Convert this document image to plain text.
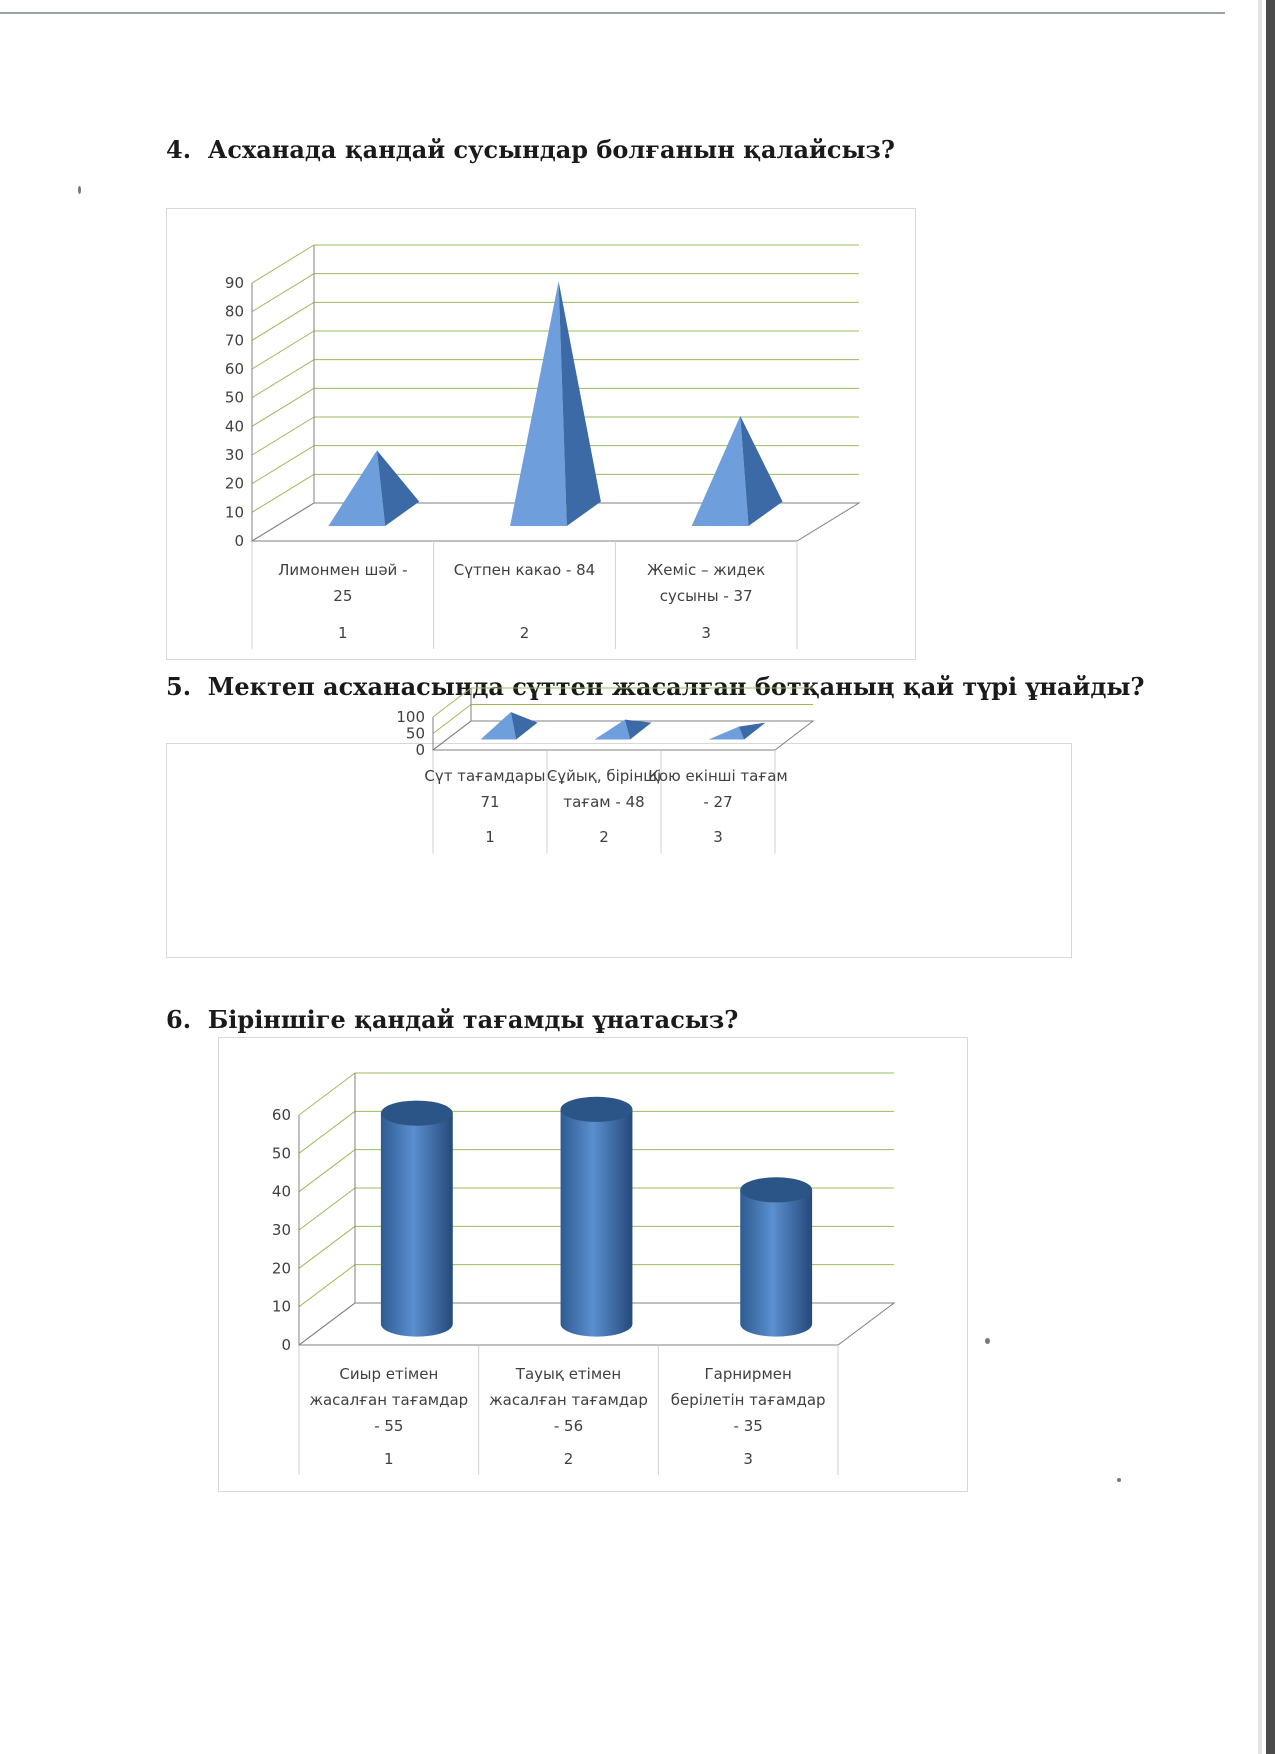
4. Асханада қандай сусындар болғанын қалайсыз?
0
10
20
30
40
50
60
70
80
90
Лимонмен шәй -
25
1
Сүтпен какао - 84
2
Жеміс – жидек
сусыны - 37
3
5. Мектеп асханасында сүттен жасалған ботқаның қай түрі ұнайды?
0
50
100
Сүт тағамдары -
71
1
Сұйық, бірінші
тағам - 48
2
Қою екінші тағам
- 27
3
6. Біріншіге қандай тағамды ұнатасыз?
0
10
20
30
40
50
60
Сиыр етімен
жасалған тағамдар
- 55
1
Тауық етімен
жасалған тағамдар
- 56
2
Гарнирмен
берілетін тағамдар
- 35
3
